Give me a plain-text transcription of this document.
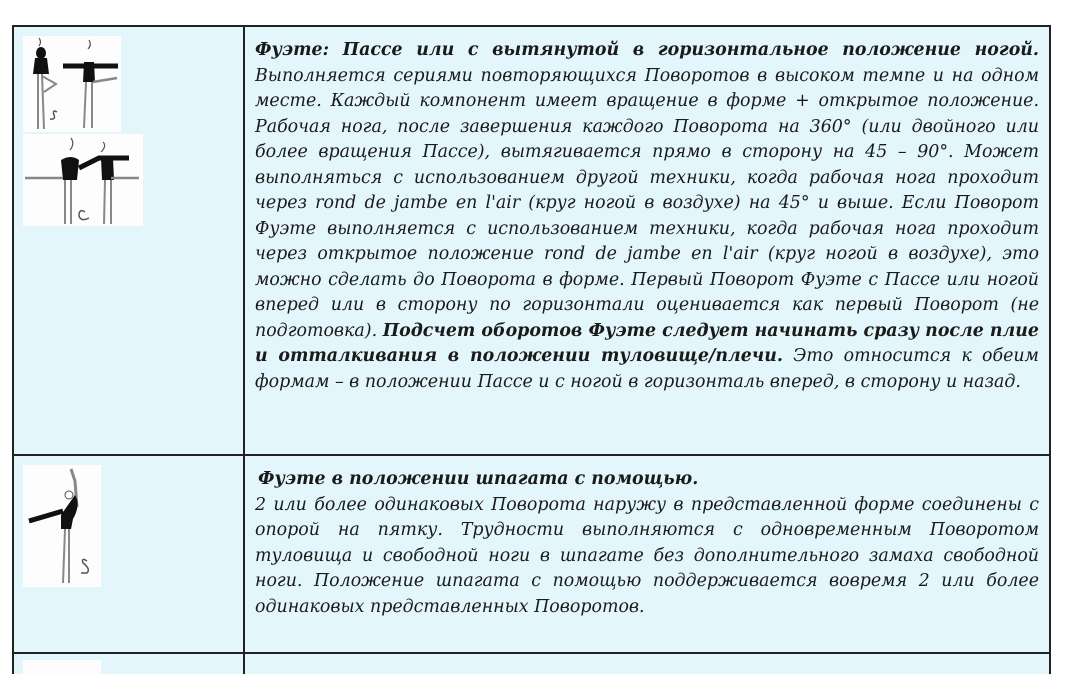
Фуэте: Пассе или с вытянутой в горизонтальное положение ногой. Выполняется сериями повторяющихся Поворотов в высоком темпе и на одном месте. Каждый компонент имеет вращение в форме + открытое положение. Рабочая нога, после завершения каждого Поворота на 360° (или двойного или более вращения Пассе), вытягивается прямо в сторону на 45 – 90°. Может выполняться с использованием другой техники, когда рабочая нога проходит через rond de jambe en l'air (круг ногой в воздухе) на 45° и выше. Если Поворот Фуэте выполняется с использованием техники, когда рабочая нога проходит через открытое положение rond de jambe en l'air (круг ногой в воздухе), это можно сделать до Поворота в форме. Первый Поворот Фуэте с Пассе или ногой вперед или в сторону по горизонтали оценивается как первый Поворот (не подготовка). Подсчет оборотов Фуэте следует начинать сразу после плие и отталкивания в положении туловище/плечи. Это относится к обеим формам – в положении Пассе и с ногой в горизонталь вперед, в сторону и назад.
Фуэте в положении шпагата с помощью.
2 или более одинаковых Поворота наружу в представленной форме соединены с опорой на пятку. Трудности выполняются с одновременным Поворотом туловища и свободной ноги в шпагате без дополнительного замаха свободной ноги. Положение шпагата с помощью поддерживается вовремя 2 или более одинаковых представленных Поворотов.
